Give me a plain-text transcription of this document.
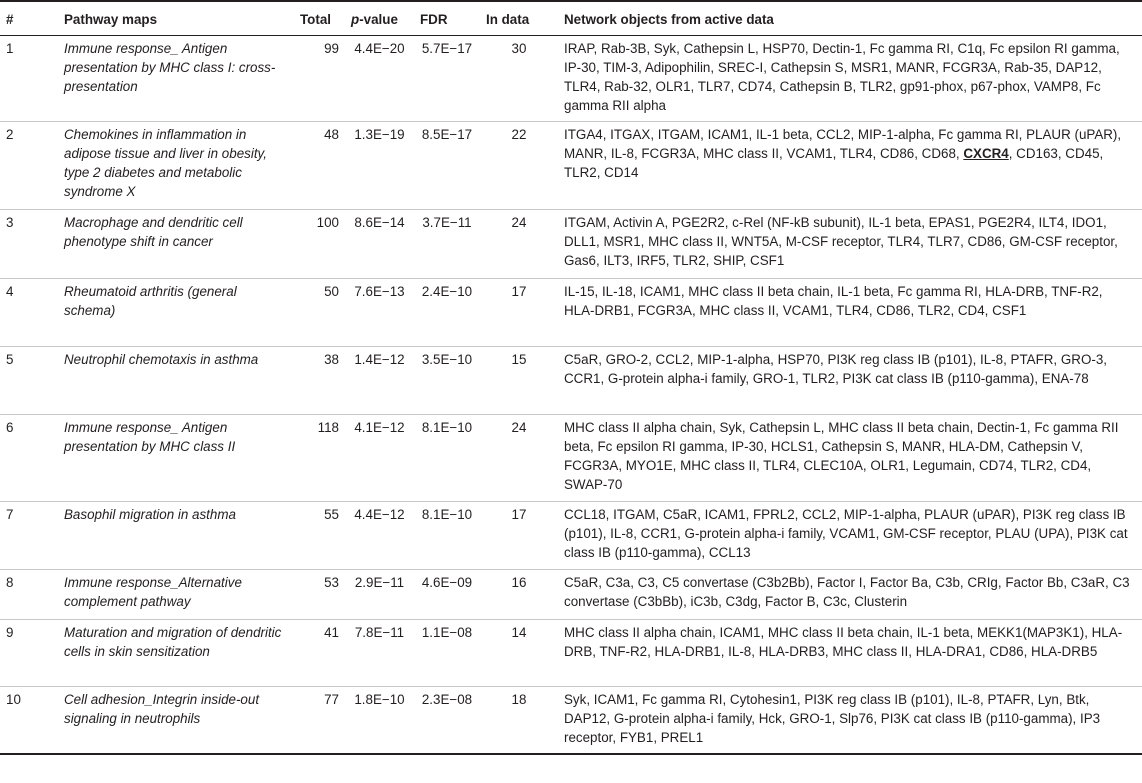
#	Pathway maps	Total	p-value	FDR	In data	Network objects from active data
1	Immune response_ Antigen presentation by MHC class I: cross-presentation	99	4.4E−20	5.7E−17	30	IRAP, Rab-3B, Syk, Cathepsin L, HSP70, Dectin-1, Fc gamma RI, C1q, Fc epsilon RI gamma, IP-30, TIM-3, Adipophilin, SREC-I, Cathepsin S, MSR1, MANR, FCGR3A, Rab-35, DAP12, TLR4, Rab-32, OLR1, TLR7, CD74, Cathepsin B, TLR2, gp91-phox, p67-phox, VAMP8, Fc gamma RII alpha
2	Chemokines in inflammation in adipose tissue and liver in obesity, type 2 diabetes and metabolic syndrome X	48	1.3E−19	8.5E−17	22	ITGA4, ITGAX, ITGAM, ICAM1, IL-1 beta, CCL2, MIP-1-alpha, Fc gamma RI, PLAUR (uPAR), MANR, IL-8, FCGR3A, MHC class II, VCAM1, TLR4, CD86, CD68, CXCR4, CD163, CD45, TLR2, CD14
3	Macrophage and dendritic cell phenotype shift in cancer	100	8.6E−14	3.7E−11	24	ITGAM, Activin A, PGE2R2, c-Rel (NF-kB subunit), IL-1 beta, EPAS1, PGE2R4, ILT4, IDO1, DLL1, MSR1, MHC class II, WNT5A, M-CSF receptor, TLR4, TLR7, CD86, GM-CSF receptor, Gas6, ILT3, IRF5, TLR2, SHIP, CSF1
4	Rheumatoid arthritis (general schema)	50	7.6E−13	2.4E−10	17	IL-15, IL-18, ICAM1, MHC class II beta chain, IL-1 beta, Fc gamma RI, HLA-DRB, TNF-R2, HLA-DRB1, FCGR3A, MHC class II, VCAM1, TLR4, CD86, TLR2, CD4, CSF1
5	Neutrophil chemotaxis in asthma	38	1.4E−12	3.5E−10	15	C5aR, GRO-2, CCL2, MIP-1-alpha, HSP70, PI3K reg class IB (p101), IL-8, PTAFR, GRO-3, CCR1, G-protein alpha-i family, GRO-1, TLR2, PI3K cat class IB (p110-gamma), ENA-78
6	Immune response_ Antigen presentation by MHC class II	118	4.1E−12	8.1E−10	24	MHC class II alpha chain, Syk, Cathepsin L, MHC class II beta chain, Dectin-1, Fc gamma RII beta, Fc epsilon RI gamma, IP-30, HCLS1, Cathepsin S, MANR, HLA-DM, Cathepsin V, FCGR3A, MYO1E, MHC class II, TLR4, CLEC10A, OLR1, Legumain, CD74, TLR2, CD4, SWAP-70
7	Basophil migration in asthma	55	4.4E−12	8.1E−10	17	CCL18, ITGAM, C5aR, ICAM1, FPRL2, CCL2, MIP-1-alpha, PLAUR (uPAR), PI3K reg class IB (p101), IL-8, CCR1, G-protein alpha-i family, VCAM1, GM-CSF receptor, PLAU (UPA), PI3K cat class IB (p110-gamma), CCL13
8	Immune response_Alternative complement pathway	53	2.9E−11	4.6E−09	16	C5aR, C3a, C3, C5 convertase (C3b2Bb), Factor I, Factor Ba, C3b, CRIg, Factor Bb, C3aR, C3 convertase (C3bBb), iC3b, C3dg, Factor B, C3c, Clusterin
9	Maturation and migration of dendritic cells in skin sensitization	41	7.8E−11	1.1E−08	14	MHC class II alpha chain, ICAM1, MHC class II beta chain, IL-1 beta, MEKK1(MAP3K1), HLA-DRB, TNF-R2, HLA-DRB1, IL-8, HLA-DRB3, MHC class II, HLA-DRA1, CD86, HLA-DRB5
10	Cell adhesion_Integrin inside-out signaling in neutrophils	77	1.8E−10	2.3E−08	18	Syk, ICAM1, Fc gamma RI, Cytohesin1, PI3K reg class IB (p101), IL-8, PTAFR, Lyn, Btk, DAP12, G-protein alpha-i family, Hck, GRO-1, Slp76, PI3K cat class IB (p110-gamma), IP3 receptor, FYB1, PREL1
